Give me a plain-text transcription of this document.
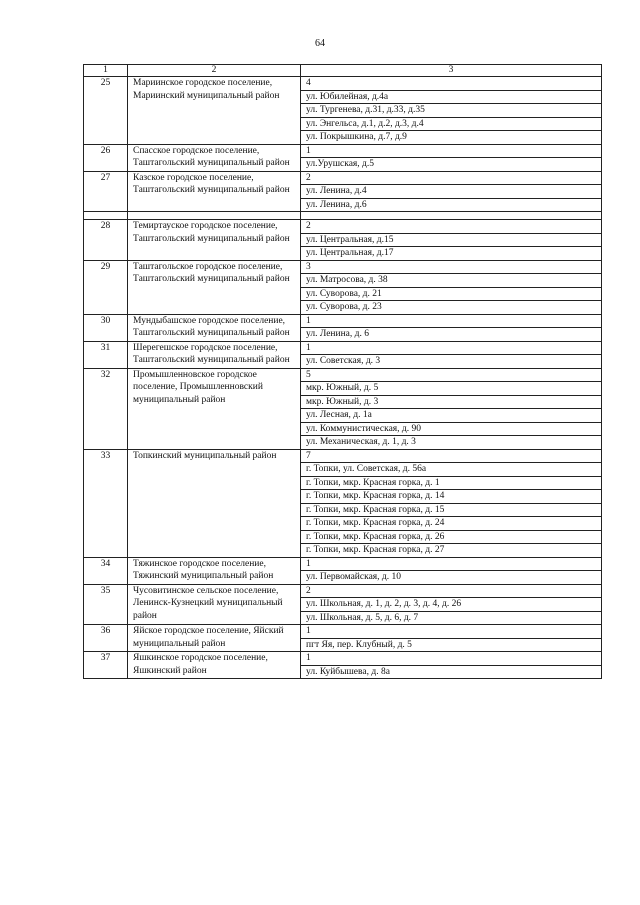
64
1	2	3
25	Мариинское городское поселение, Мариинский муниципальный район	4
		ул. Юбилейная, д.4а
		ул. Тургенева, д.31, д.33, д.35
		ул. Энгельса, д.1, д.2, д.3, д.4
		ул. Покрышкина, д.7, д.9
26	Спасское городское поселение, Таштагольский муниципальный район	1
		ул.Урушская, д.5
27	Казское городское поселение, Таштагольский муниципальный район	2
		ул. Ленина, д.4
		ул. Ленина, д.6

28	Темиртауское городское поселение, Таштагольский муниципальный район	2
		ул. Центральная, д.15
		ул. Центральная, д.17
29	Таштагольское городское поселение, Таштагольский муниципальный район	3
		ул. Матросова, д. 38
		ул. Суворова, д. 21
		ул. Суворова, д. 23
30	Мундыбашское городское поселение, Таштагольский муниципальный район	1
		ул. Ленина, д. 6
31	Шерегешское городское поселение, Таштагольский муниципальный район	1
		ул. Советская, д. 3
32	Промышленновское городское поселение, Промышленновский муниципальный район	5
		мкр. Южный, д. 5
		мкр. Южный, д. 3
		ул. Лесная, д. 1а
		ул. Коммунистическая, д. 90
		ул. Механическая, д. 1, д. 3
33	Топкинский муниципальный район	7
		г. Топки, ул. Советская, д. 56а
		г. Топки, мкр. Красная горка, д. 1
		г. Топки, мкр. Красная горка, д. 14
		г. Топки, мкр. Красная горка, д. 15
		г. Топки, мкр. Красная горка, д. 24
		г. Топки, мкр. Красная горка, д. 26
		г. Топки, мкр. Красная горка, д. 27
34	Тяжинское городское поселение, Тяжинский муниципальный район	1
		ул. Первомайская, д. 10
35	Чусовитинское сельское поселение, Ленинск-Кузнецкий муниципальный район	2
		ул. Школьная, д. 1, д. 2, д. 3, д. 4, д. 26
		ул. Школьная, д. 5, д. 6, д. 7
36	Яйское городское поселение, Яйский муниципальный район	1
		пгт Яя, пер. Клубный, д. 5
37	Яшкинское городское поселение, Яшкинский район	1
		ул. Куйбышева, д. 8а
